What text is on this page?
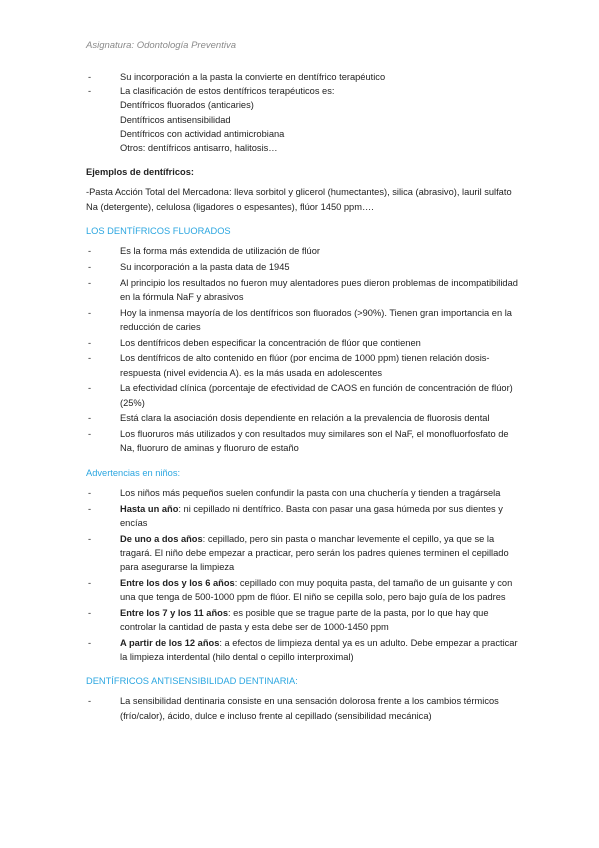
Asignatura: Odontología Preventiva
- Su incorporación a la pasta la convierte en dentífrico terapéutico
- La clasificación de estos dentífricos terapéuticos es:
Dentífricos fluorados (anticaries)
Dentífricos antisensibilidad
Dentífricos con actividad antimicrobiana
Otros: dentífricos antisarro, halitosis…
Ejemplos de dentífricos:
-Pasta Acción Total del Mercadona: lleva sorbitol y glicerol (humectantes), silica (abrasivo), lauril sulfato Na (detergente), celulosa (ligadores o espesantes), flúor 1450 ppm….
LOS DENTÍFRICOS FLUORADOS
- Es la forma más extendida de utilización de flúor
- Su incorporación a la pasta data de 1945
- Al principio los resultados no fueron muy alentadores pues dieron problemas de incompatibilidad en la fórmula NaF y abrasivos
- Hoy la inmensa mayoría de los dentífricos son fluorados (>90%). Tienen gran importancia en la reducción de caries
- Los dentífricos deben especificar la concentración de flúor que contienen
- Los dentífricos de alto contenido en flúor (por encima de 1000 ppm) tienen relación dosis-respuesta (nivel evidencia A). es la más usada en adolescentes
- La efectividad clínica (porcentaje de efectividad de CAOS en función de concentración de flúor) (25%)
- Está clara la asociación dosis dependiente en relación a la prevalencia de fluorosis dental
- Los fluoruros más utilizados y con resultados muy similares son el NaF, el monofluorfosfato de Na, fluoruro de aminas y fluoruro de estaño
Advertencias en niños:
- Los niños más pequeños suelen confundir la pasta con una chuchería y tienden a tragársela
- Hasta un año: ni cepillado ni dentífrico. Basta con pasar una gasa húmeda por sus dientes y encías
- De uno a dos años: cepillado, pero sin pasta o manchar levemente el cepillo, ya que se la tragará. El niño debe empezar a practicar, pero serán los padres quienes terminen el cepillado para asegurarse la limpieza
- Entre los dos y los 6 años: cepillado con muy poquita pasta, del tamaño de un guisante y con una que tenga de 500-1000 ppm de flúor. El niño se cepilla solo, pero bajo guía de los padres
- Entre los 7 y los 11 años: es posible que se trague parte de la pasta, por lo que hay que controlar la cantidad de pasta y esta debe ser de 1000-1450 ppm
- A partir de los 12 años: a efectos de limpieza dental ya es un adulto. Debe empezar a practicar la limpieza interdental (hilo dental o cepillo interproximal)
DENTÍFRICOS ANTISENSIBILIDAD DENTINARIA:
- La sensibilidad dentinaria consiste en una sensación dolorosa frente a los cambios térmicos (frío/calor), ácido, dulce e incluso frente al cepillado (sensibilidad mecánica)
